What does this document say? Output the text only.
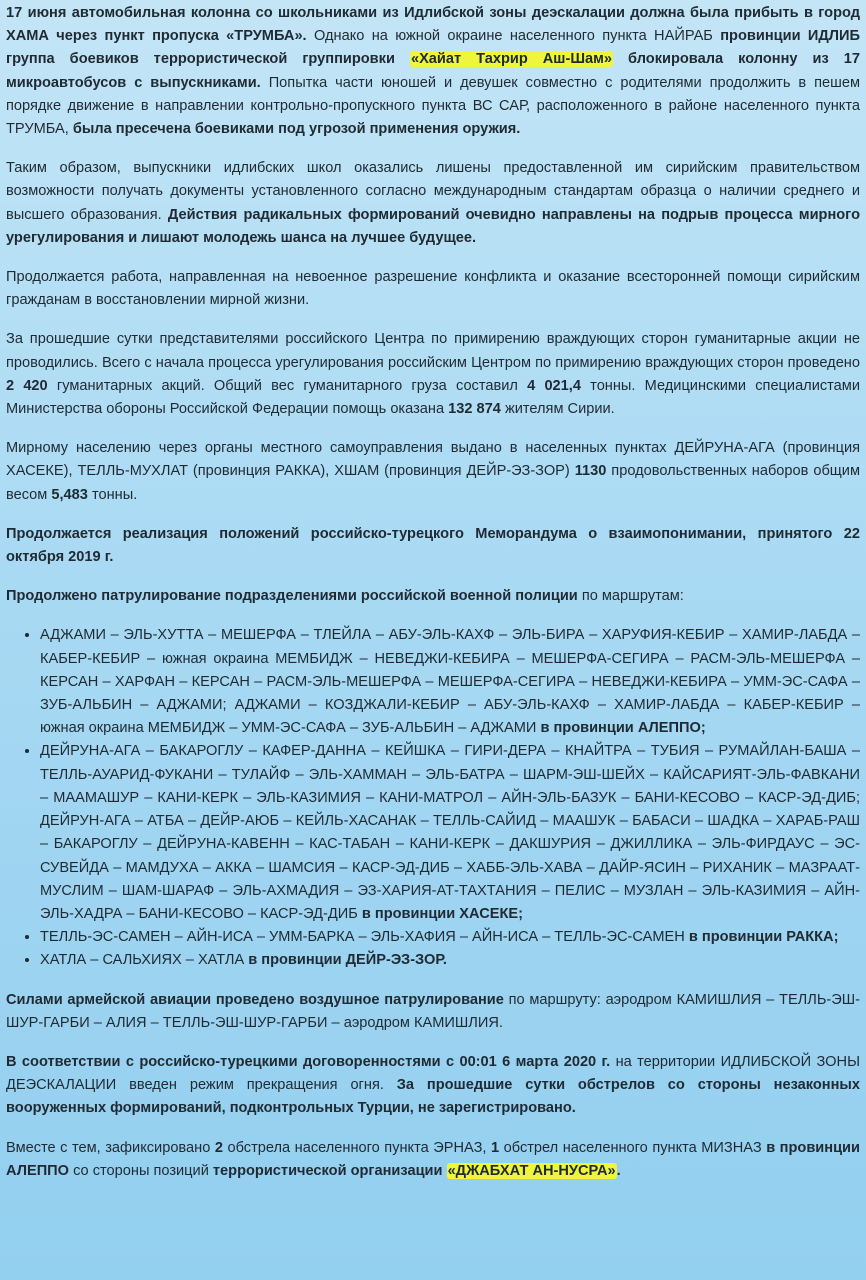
17 июня автомобильная колонна со школьниками из Идлибской зоны деэскалации должна была прибыть в город ХАМА через пункт пропуска «ТРУМБА». Однако на южной окраине населенного пункта НАЙРАБ провинции ИДЛИБ группа боевиков террористической группировки «Хайат Тахрир Аш-Шам» блокировала колонну из 17 микроавтобусов с выпускниками. Попытка части юношей и девушек совместно с родителями продолжить в пешем порядке движение в направлении контрольно-пропускного пункта ВС САР, расположенного в районе населенного пункта ТРУМБА, была пресечена боевиками под угрозой применения оружия.

Таким образом, выпускники идлибских школ оказались лишены предоставленной им сирийским правительством возможности получать документы установленного согласно международным стандартам образца о наличии среднего и высшего образования. Действия радикальных формирований очевидно направлены на подрыв процесса мирного урегулирования и лишают молодежь шанса на лучшее будущее.

Продолжается работа, направленная на невоенное разрешение конфликта и оказание всесторонней помощи сирийским гражданам в восстановлении мирной жизни.

За прошедшие сутки представителями российского Центра по примирению враждующих сторон гуманитарные акции не проводились. Всего с начала процесса урегулирования российским Центром по примирению враждующих сторон проведено 2 420 гуманитарных акций. Общий вес гуманитарного груза составил 4 021,4 тонны. Медицинскими специалистами Министерства обороны Российской Федерации помощь оказана 132 874 жителям Сирии.

Мирному населению через органы местного самоуправления выдано в населенных пунктах ДЕЙРУНА-АГА (провинция ХАСЕКЕ), ТЕЛЛЬ-МУХЛАТ (провинция РАККА), ХШАМ (провинция ДЕЙР-ЭЗ-ЗОР) 1130 продовольственных наборов общим весом 5,483 тонны.

Продолжается реализация положений российско-турецкого Меморандума о взаимопонимании, принятого 22 октября 2019 г.

Продолжено патрулирование подразделениями российской военной полиции по маршрутам:

• АДЖАМИ – ЭЛЬ-ХУТТА – МЕШЕРФА – ТЛЕЙЛА – АБУ-ЭЛЬ-КАХФ – ЭЛЬ-БИРА – ХАРУФИЯ-КЕБИР – ХАМИР-ЛАБДА – КАБЕР-КЕБИР – южная окраина МЕМБИДЖ – НЕВЕДЖИ-КЕБИРА – МЕШЕРФА-СЕГИРА – РАСМ-ЭЛЬ-МЕШЕРФА – КЕРСАН – ХАРФАН – КЕРСАН – РАСМ-ЭЛЬ-МЕШЕРФА – МЕШЕРФА-СЕГИРА – НЕВЕДЖИ-КЕБИРА – УММ-ЭС-САФА – ЗУБ-АЛЬБИН – АДЖАМИ; АДЖАМИ – КОЗДЖАЛИ-КЕБИР – АБУ-ЭЛЬ-КАХФ – ХАМИР-ЛАБДА – КАБЕР-КЕБИР – южная окраина МЕМБИДЖ – УММ-ЭС-САФА – ЗУБ-АЛЬБИН – АДЖАМИ в провинции АЛЕППО;
• ДЕЙРУНА-АГА – БАКАРОГЛУ – КАФЕР-ДАННА – КЕЙШКА – ГИРИ-ДЕРА – КНАЙТРА – ТУБИЯ – РУМАЙЛАН-БАША – ТЕЛЛЬ-АУАРИД-ФУКАНИ – ТУЛАЙФ – ЭЛЬ-ХАММАН – ЭЛЬ-БАТРА – ШАРМ-ЭШ-ШЕЙХ – КАЙСАРИЯТ-ЭЛЬ-ФАВКАНИ – МААМАШУР – КАНИ-КЕРК – ЭЛЬ-КАЗИМИЯ – КАНИ-МАТРОЛ – АЙН-ЭЛЬ-БАЗУК – БАНИ-КЕСОВО – КАСР-ЭД-ДИБ; ДЕЙРУН-АГА – АТБА – ДЕЙР-АЮБ – КЕЙЛЬ-ХАСАНАК – ТЕЛЛЬ-САЙИД – МААШУК – БАБАСИ – ШАДКА – ХАРАБ-РАШ – БАКАРОГЛУ – ДЕЙРУНА-КАВЕНН – КАС-ТАБАН – КАНИ-КЕРК – ДАКШУРИЯ – ДЖИЛЛИКА – ЭЛЬ-ФИРДАУС – ЭС-СУВЕЙДА – МАМДУХА – АККА – ШАМСИЯ – КАСР-ЭД-ДИБ – ХАББ-ЭЛЬ-ХАВА – ДАЙР-ЯСИН – РИХАНИК – МАЗРААТ-МУСЛИМ – ШАМ-ШАРАФ – ЭЛЬ-АХМАДИЯ – ЭЗ-ХАРИЯ-АТ-ТАХТАНИЯ – ПЕЛИС – МУЗЛАН – ЭЛЬ-КАЗИМИЯ – АЙН-ЭЛЬ-ХАДРА – БАНИ-КЕСОВО – КАСР-ЭД-ДИБ в провинции ХАСЕКЕ;
• ТЕЛЛЬ-ЭС-САМЕН – АЙН-ИСА – УММ-БАРКА – ЭЛЬ-ХАФИЯ – АЙН-ИСА – ТЕЛЛЬ-ЭС-САМЕН в провинции РАККА;
• ХАТЛА – САЛЬХИЯХ – ХАТЛА в провинции ДЕЙР-ЭЗ-ЗОР.

Силами армейской авиации проведено воздушное патрулирование по маршруту: аэродром КАМИШЛИЯ – ТЕЛЛЬ-ЭШ-ШУР-ГАРБИ – АЛИЯ – ТЕЛЛЬ-ЭШ-ШУР-ГАРБИ – аэродром КАМИШЛИЯ.

В соответствии с российско-турецкими договоренностями с 00:01 6 марта 2020 г. на территории ИДЛИБСКОЙ ЗОНЫ ДЕЭСКАЛАЦИИ введен режим прекращения огня. За прошедшие сутки обстрелов со стороны незаконных вооруженных формирований, подконтрольных Турции, не зарегистрировано.

Вместе с тем, зафиксировано 2 обстрела населенного пункта ЭРНАЗ, 1 обстрел населенного пункта МИЗНАЗ в провинции АЛЕППО со стороны позиций террористической организации «ДЖАБХАТ АН-НУСРА».
